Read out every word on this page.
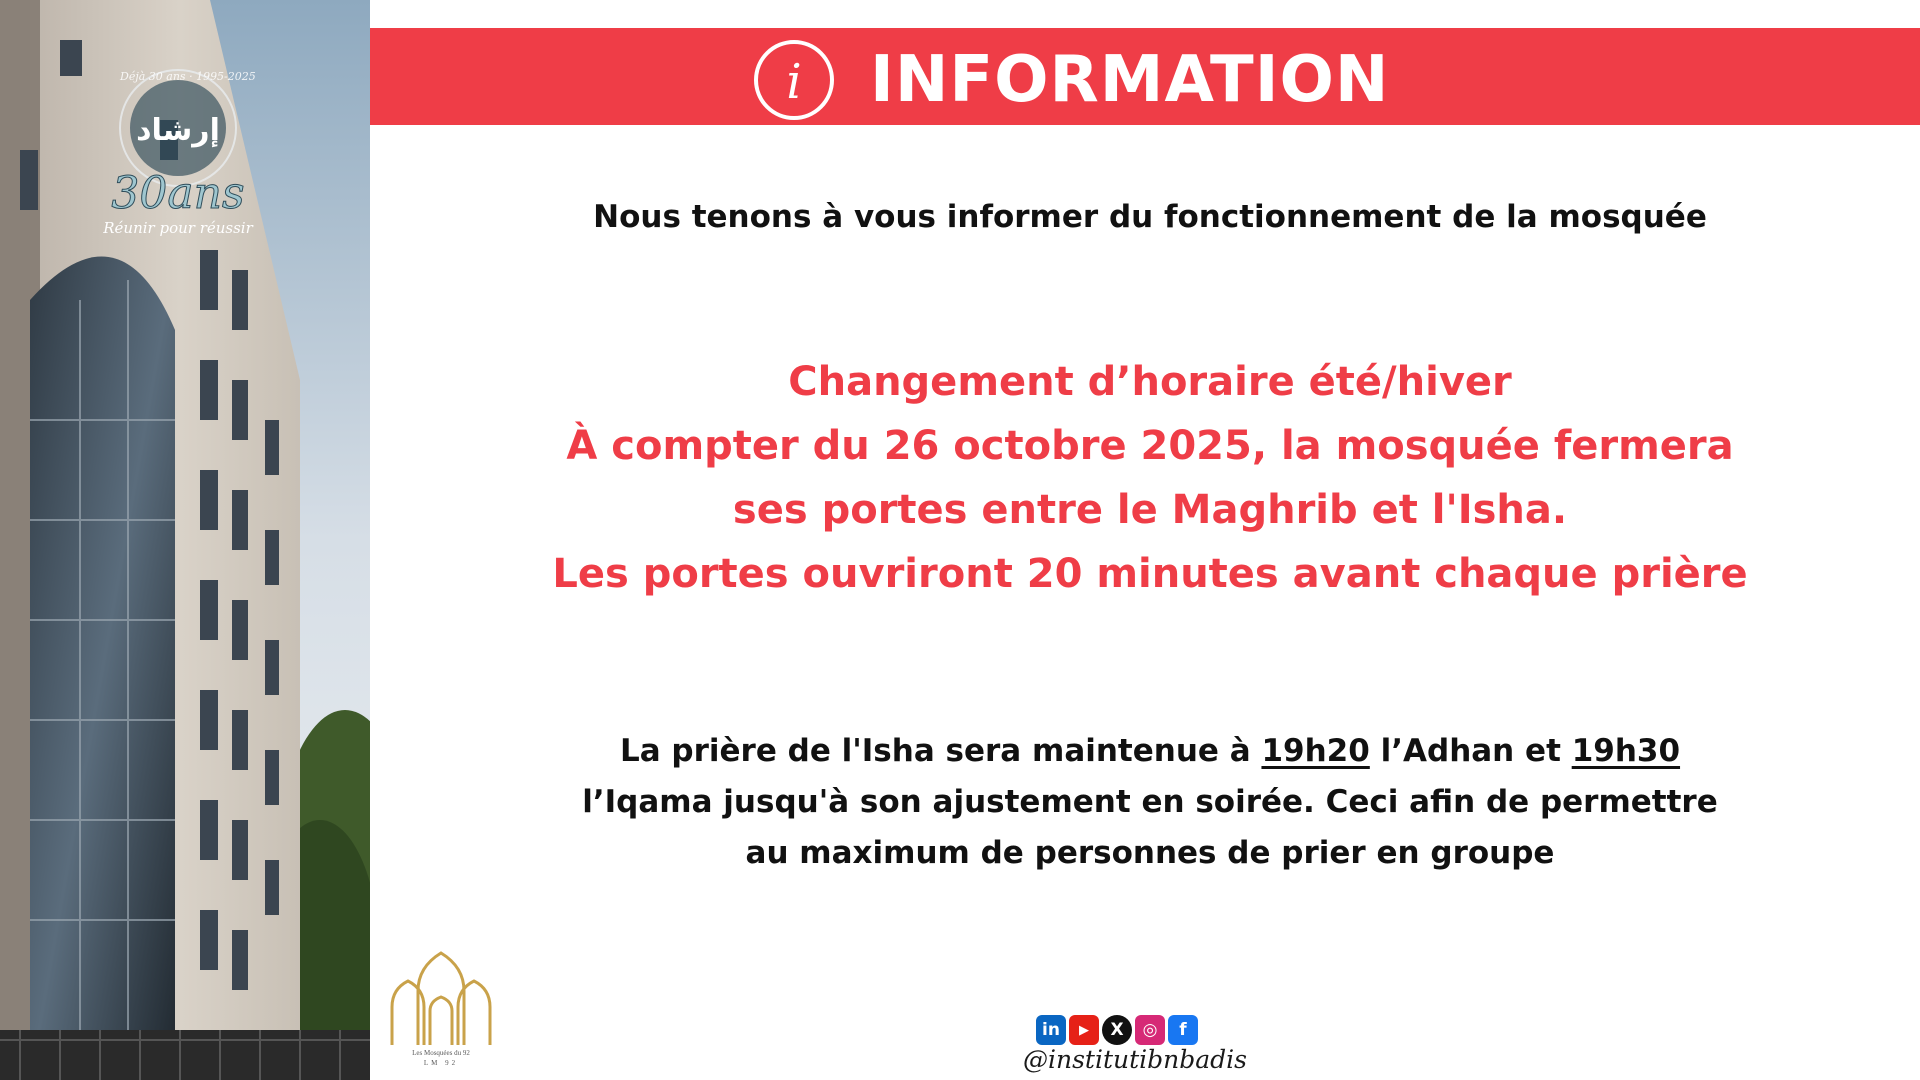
Déjà 30 ans · 1995-2025
إرشاد
30ans
Réunir pour réussir
Les Mosquées du 92
LM 92
i INFORMATION
Nous tenons à vous informer du fonctionnement de la mosquée
Changement d’horaire été/hiver
À compter du 26 octobre 2025, la mosquée fermera
ses portes entre le Maghrib et l'Isha.
Les portes ouvriront 20 minutes avant chaque prière
La prière de l'Isha sera maintenue à 19h20 l’Adhan et 19h30
l’Iqama jusqu'à son ajustement en soirée. Ceci afin de permettre
au maximum de personnes de prier en groupe
in	▶	X	◎	f
@institutibnbadis
